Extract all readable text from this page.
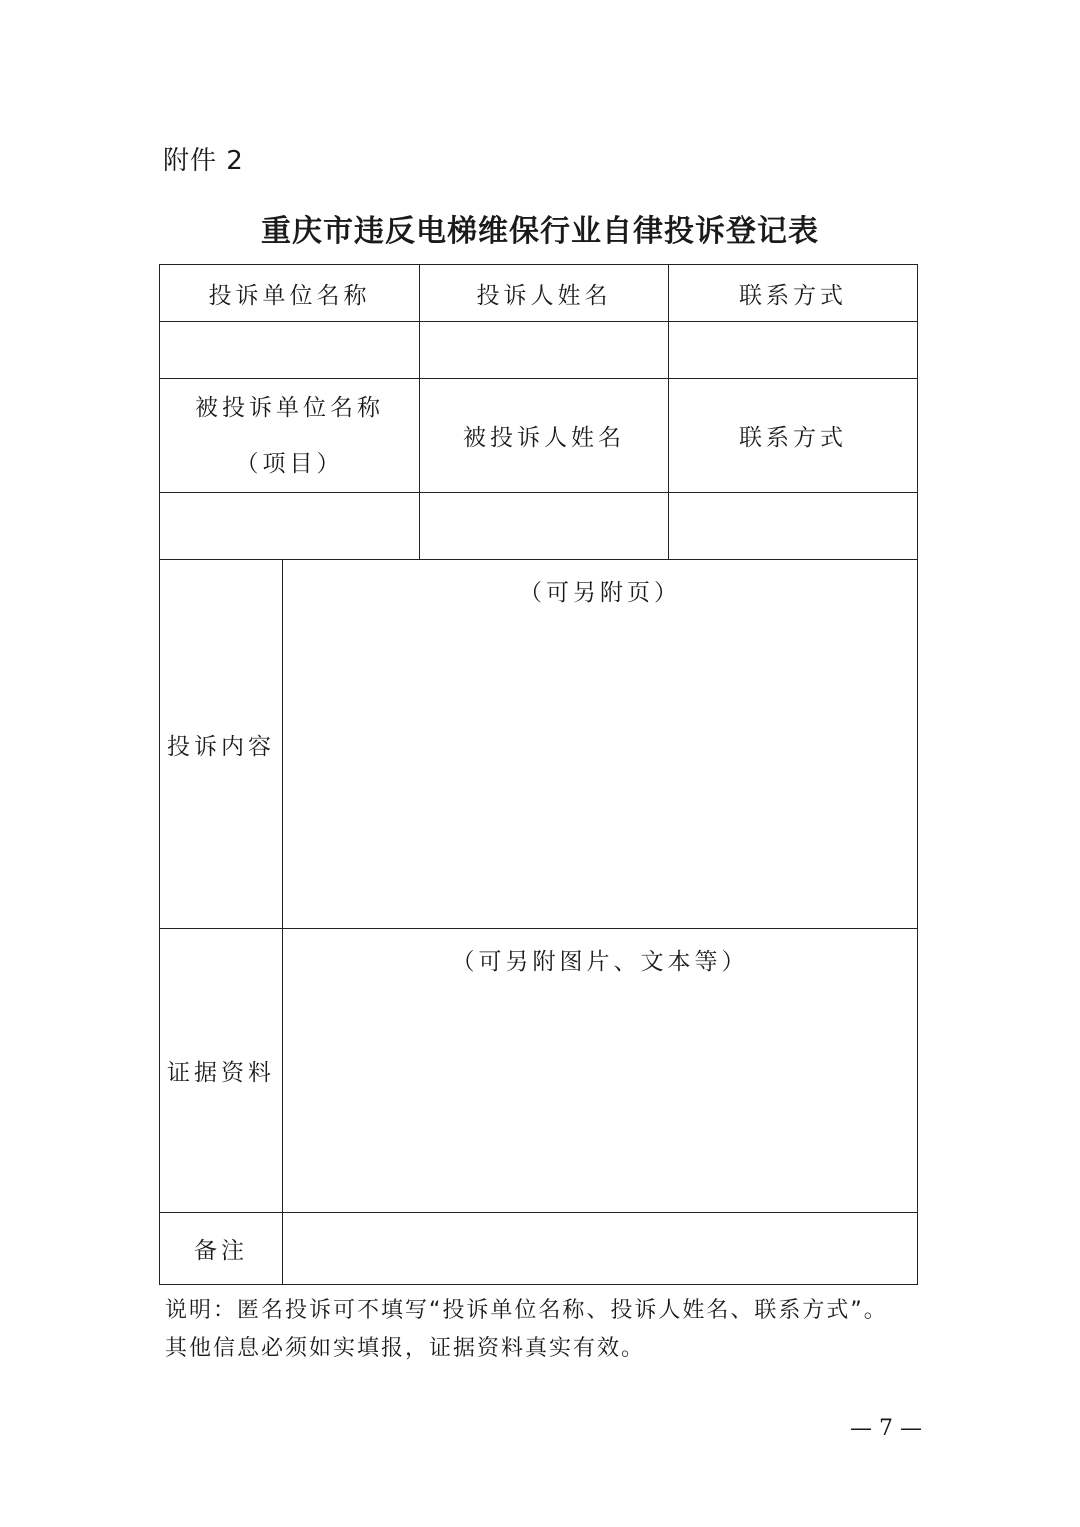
附件 2
重庆市违反电梯维保行业自律投诉登记表
投诉单位名称		投诉人姓名	联系方式

被投诉单位名称
（项目）		被投诉人姓名	联系方式

投诉内容	（可另附页）		

证据资料	（可另附图片、文本等）		

备注			
说明：匿名投诉可不填写“投诉单位名称、投诉人姓名、联系方式”。
其他信息必须如实填报，证据资料真实有效。
— 7 —
